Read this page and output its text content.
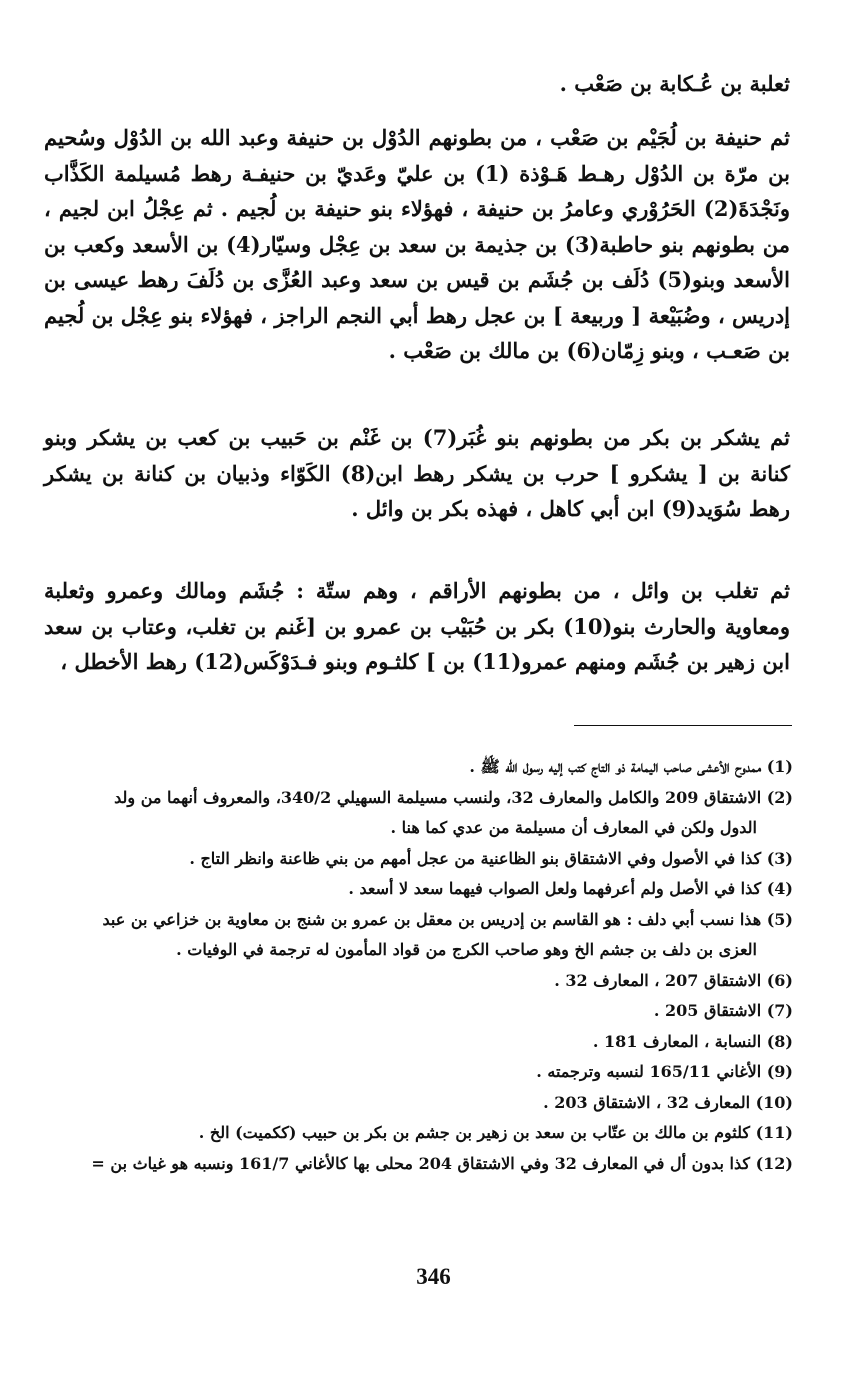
ثعلبة بن عُـكابة بن صَعْب .

ثم حنيفة بن لُجَيْم بن صَعْب ، من بطونهم الدُوْل بن حنيفة وعبد الله بن الدُوْل وسُحيم بن مرّة بن الدُوْل رهـط هَـوْذة (1) بن عليّ وعَديّ بن حنيفـة رهط مُسيلمة الكَذَّاب ونَجْدَةَ(2) الحَرُوْري وعامرُ بن حنيفة ، فهؤلاء بنو حنيفة بن لُجيم . ثم عِجْلُ ابن لجيم ، من بطونهم بنو حاطبة(3) بن جذيمة بن سعد بن عِجْل وسيّار(4) بن الأسعد وكعب بن الأسعد وبنو(5) دُلَف بن جُشَم بن قيس بن سعد وعبد العُزَّى بن دُلَفَ رهط عيسى بن إدريس ، وضُبَيْعة [ وربيعة ] بن عجل رهط أبي النجم الراجز ، فهؤلاء بنو عِجْل بن لُجيم بن صَعـب ، وبنو زِمّان(6) بن مالك بن صَعْب .

ثم يشكر بن بكر من بطونهم بنو غُبَر(7) بن غَنْم بن حَبيب بن كعب بن يشكر وبنو كنانة بن [ يشكرو ] حرب بن يشكر رهط ابن(8) الكَوّاء وذبيان بن كنانة بن يشكر رهط سُوَيد(9) ابن أبي كاهل ، فهذه بكر بن وائل .

ثم تغلب بن وائل ، من بطونهم الأراقم ، وهم ستّة : جُشَم ومالك وعمرو وثعلبة ومعاوية والحارث بنو(10) بكر بن حُبَيْب بن عمرو بن [غَنم بن تغلب، وعتاب بن سعد ابن زهير بن جُشَم ومنهم عمرو(11) بن ] كلثـوم وبنو فـدَوْكَس(12) رهط الأخطل ،

(1) ممدوح الأعشى صاحب اليمامة ذو التاج كتب إليه رسول الله ﷺ .
(2) الاشتقاق 209 والكامل والمعارف 32، ولنسب مسيلمة السهيلي 340/2، والمعروف أنهما من ولد
الدول ولكن في المعارف أن مسيلمة من عدي كما هنا .
(3) كذا في الأصول وفي الاشتقاق بنو الظاعنية من عجل أمهم من بني ظاعنة وانظر التاج .
(4) كذا في الأصل ولم أعرفهما ولعل الصواب فيهما سعد لا أسعد .
(5) هذا نسب أبي دلف : هو القاسم بن إدريس بن معقل بن عمرو بن شنج بن معاوية بن خزاعي بن عبد
العزى بن دلف بن جشم الخ وهو صاحب الكرج من قواد المأمون له ترجمة في الوفيات .
(6) الاشتقاق 207 ، المعارف 32 .
(7) الاشتقاق 205 .
(8) النسابة ، المعارف 181 .
(9) الأغاني 165/11 لنسبه وترجمته .
(10) المعارف 32 ، الاشتقاق 203 .
(11) كلثوم بن مالك بن عتّاب بن سعد بن زهير بن جشم بن بكر بن حبيب (ككميت) الخ .
(12) كذا بدون أل في المعارف 32 وفي الاشتقاق 204 محلى بها كالأغاني 161/7 ونسبه هو غياث بن =
346
